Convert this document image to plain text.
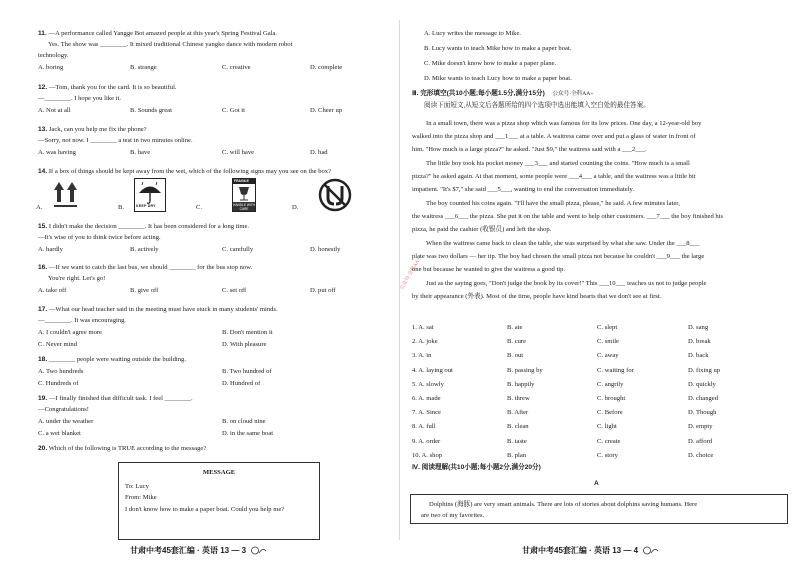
11. —A performance called Yangge Bot amazed people at this year's Spring Festival Gala.
Yes. The show was ________. It mixed traditional Chinese yangko dance with modern robot
technology.
A. boring	B. strange	C. creative	D. complete
12. —Tom, thank you for the card. It is so beautiful.
—________. I hope you like it.
A. Not at all	B. Sounds great	C. Got it	D. Cheer up
13. Jack, can you help me fix the phone?
—Sorry, not now. I ________ a test in two minutes online.
A. was having	B. have	C. will have	D. had
14. If a box of things should be kept away from the wet, which of the following signs may you see on the box?
A.	B.	KEEP DRY	C.
FRAGILE
HANDLE WITH CARE	D.
15. I didn't make the decision ________. It has been considered for a long time.
—It's wise of you to think twice before acting.
A. hardly	B. actively	C. carefully	D. honestly
16. —If we want to catch the last bus, we should ________ for the bus stop now.
You're right. Let's go!
A. take off	B. give off	C. set off	D. put off
17. —What our head teacher said in the meeting must have stuck in many students' minds.
—________. It was encouraging.
A. I couldn't agree more	B. Don't mention it
C. Never mind	D. With pleasure
18. ________ people were waiting outside the building.
A. Two hundreds	B. Two hundred of
C. Hundreds of	D. Hundred of
19. —I finally finished that difficult task. I feel ________.
—Congratulations!
A. under the weather	B. on cloud nine
C. a wet blanket	D. in the same boat
20. Which of the following is TRUE according to the message?
MESSAGE
To: Lucy
From: Mike
I don't know how to make a paper boat. Could you help me?
甘肃中考45套汇编 · 英语 13 — 3
公众号:全科AA+
A. Lucy writes the message to Mike.
B. Lucy wants to teach Mike how to make a paper boat.
C. Mike doesn't know how to make a paper plane.
D. Mike wants to teach Lucy how to make a paper boat.
Ⅲ. 完形填空(共10小题;每小题1.5分,满分15分) 公众号·全科AA+
阅读下面短文,从短文后各题所给的四个选项中选出能填入空白处的最佳答案。
In a small town, there was a pizza shop which was famous for its low prices. One day, a 12-year-old boy
walked into the pizza shop and ___1___ at a table. A waitress came over and put a glass of water in front of
him. "How much is a large pizza?" he asked. "Just $9," the waitress said with a ___2___.
The little boy took his pocket money ___3___ and started counting the coins. "How much is a small
pizza?" he asked again. At that moment, some people were ___4___ a table, and the waitress was a little bit
impatient. "It's $7," she said ___5___, wanting to end the conversation immediately.
The boy counted his coins again. "I'll have the small pizza, please," he said. A few minutes later,
the waitress ___6___ the pizza. She put it on the table and went to help other customers. ___7___ the boy finished his
pizza, he paid the cashier (收银员) and left the shop.
When the waitress came back to clean the table, she was surprised by what she saw. Under the ___8___
plate was two dollars — her tip. The boy had chosen the small pizza not because he couldn't ___9___ the large
one but because he wanted to give the waitress a good tip.
Just as the saying goes, "Don't judge the book by its cover!" This ___10___ teaches us not to judge people
by their appearance (外表). Most of the time, people have kind hearts that we don't see at first.
1. A. sat	B. ate	C. slept	D. sang
2. A. joke	B. cure	C. smile	D. break
3. A. in	B. out	C. away	D. back
4. A. laying out	B. passing by	C. waiting for	D. fixing up
5. A. slowly	B. happily	C. angrily	D. quickly
6. A. made	B. threw	C. brought	D. changed
7. A. Since	B. After	C. Before	D. Though
8. A. full	B. clean	C. light	D. empty
9. A. order	B. taste	C. create	D. afford
10. A. shop	B. plan	C. story	D. choice
Ⅳ. 阅读理解(共10小题;每小题2分,满分20分)
A
Dolphins (海豚) are very smart animals. There are lots of stories about dolphins saving humans. Here
are two of my favorites.
甘肃中考45套汇编 · 英语 13 — 4
